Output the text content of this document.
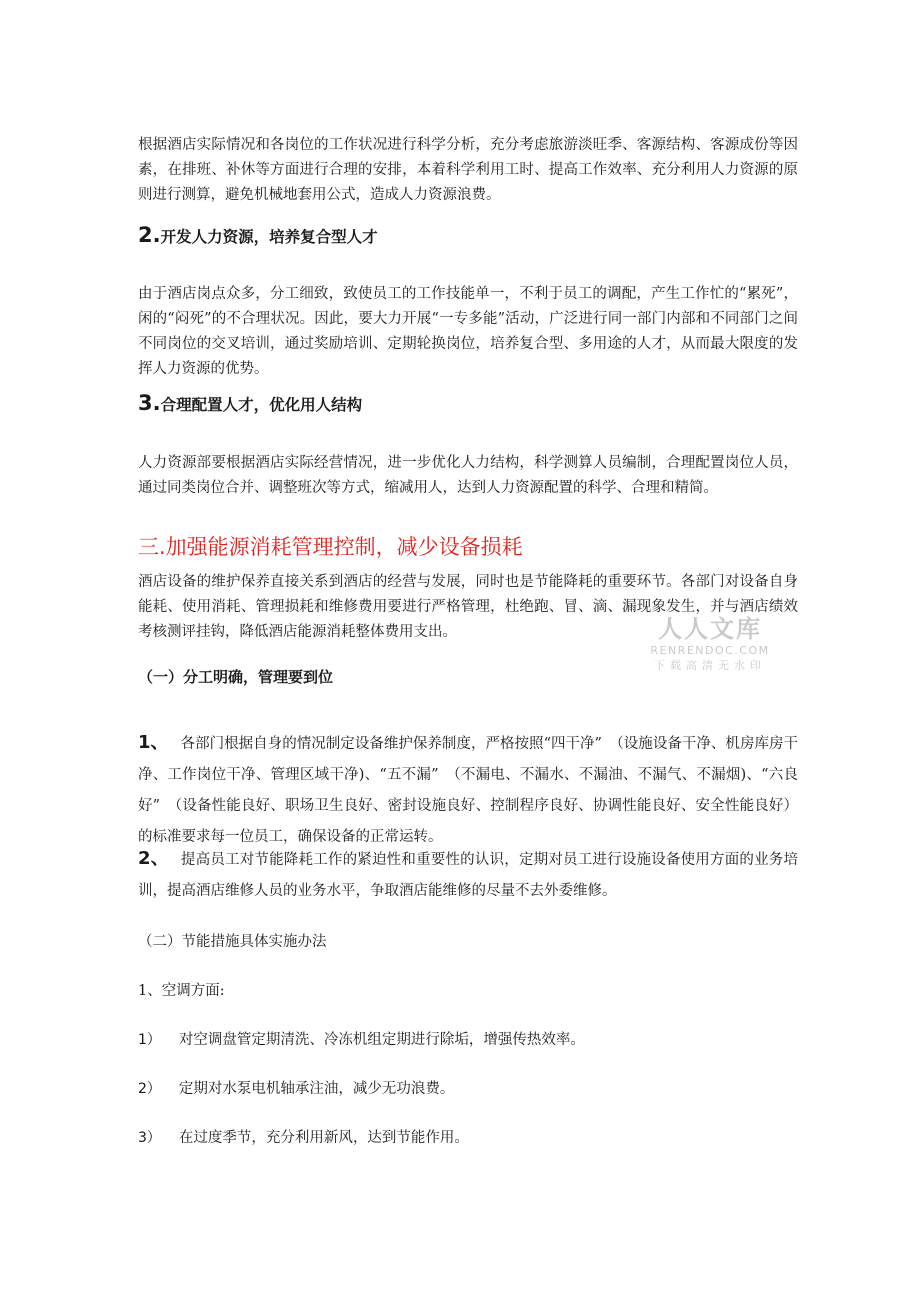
根据酒店实际情况和各岗位的工作状况进行科学分析，充分考虑旅游淡旺季、客源结构、客源成份等因素，在排班、补休等方面进行合理的安排，本着科学利用工时、提高工作效率、充分利用人力资源的原则进行测算，避免机械地套用公式，造成人力资源浪费。

2.开发人力资源，培养复合型人才

由于酒店岗点众多，分工细致，致使员工的工作技能单一，不利于员工的调配，产生工作忙的“累死”，闲的“闷死”的不合理状况。因此，要大力开展“一专多能”活动，广泛进行同一部门内部和不同部门之间不同岗位的交叉培训，通过奖励培训、定期轮换岗位，培养复合型、多用途的人才，从而最大限度的发挥人力资源的优势。

3.合理配置人才，优化用人结构

人力资源部要根据酒店实际经营情况，进一步优化人力结构，科学测算人员编制，合理配置岗位人员，通过同类岗位合并、调整班次等方式，缩减用人，达到人力资源配置的科学、合理和精简。

三.加强能源消耗管理控制，减少设备损耗

酒店设备的维护保养直接关系到酒店的经营与发展，同时也是节能降耗的重要环节。各部门对设备自身能耗、使用消耗、管理损耗和维修费用要进行严格管理，杜绝跑、冒、滴、漏现象发生，并与酒店绩效考核测评挂钩，降低酒店能源消耗整体费用支出。	人人文库
RENRENDOC.COM
下载高清无水印
（一）分工明确，管理要到位

1、 各部门根据自身的情况制定设备维护保养制度，严格按照“四干净”　（设施设备干净、机房库房干净、工作岗位干净、管理区域干净)、“五不漏”　（不漏电、不漏水、不漏油、不漏气、不漏烟)、“六良好”　（设备性能良好、职场卫生良好、密封设施良好、控制程序良好、协调性能良好、安全性能良好）的标准要求每一位员工，确保设备的正常运转。

2、 提高员工对节能降耗工作的紧迫性和重要性的认识，定期对员工进行设施设备使用方面的业务培训，提高酒店维修人员的业务水平，争取酒店能维修的尽量不去外委维修。

（二）节能措施具体实施办法

1、空调方面:

1） 对空调盘管定期清洗、冷冻机组定期进行除垢，增强传热效率。

2） 定期对水泵电机轴承注油，减少无功浪费。

3） 在过度季节，充分利用新风，达到节能作用。
